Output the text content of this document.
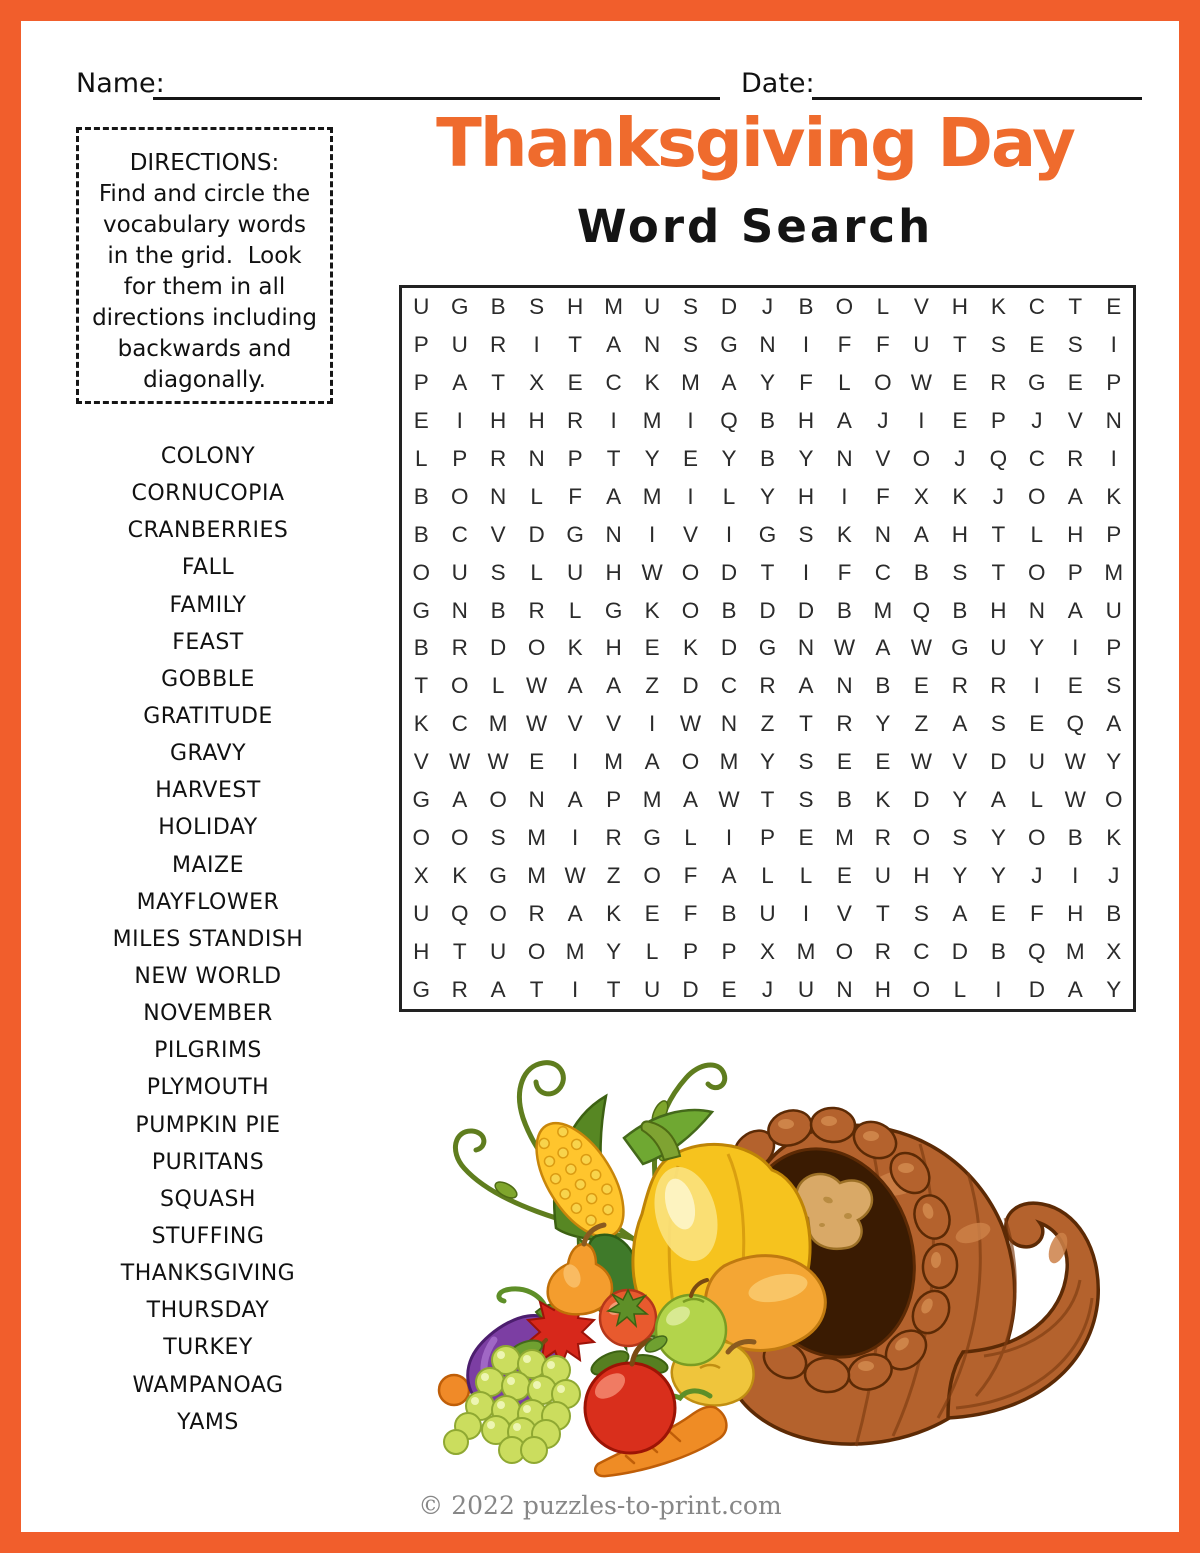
Name:	Date:
Thanksgiving Day
Word Search
DIRECTIONS:
Find and circle the
vocabulary words
in the grid.  Look
for them in all
directions including
backwards and
diagonally.
COLONY
CORNUCOPIA
CRANBERRIES
FALL
FAMILY
FEAST
GOBBLE
GRATITUDE
GRAVY
HARVEST
HOLIDAY
MAIZE
MAYFLOWER
MILES STANDISH
NEW WORLD
NOVEMBER
PILGRIMS
PLYMOUTH
PUMPKIN PIE
PURITANS
SQUASH
STUFFING
THANKSGIVING
THURSDAY
TURKEY
WAMPANOAG
YAMS
U G B	S	H M U	S	D	J	B O	L	V	H	K	C	T	E
P	U R	I	T	A	N	S G N	I	F	F	U	T	S	E	S	I
P	A	T	X	E	C	K M A	Y	F	L	O W E	R G E	P
E	I	H H R	I	M	I	Q B	H	A	J	I	E	P	J	V	N
L	P	R N	P	T	Y	E	Y	B	Y	N	V O	J	Q C R	I
B O N	L	F	A M	I	L	Y	H	I	F	X	K	J	O A	K
B	C	V	D G N	I	V	I	G S	K	N	A	H	T	L	H	P
O U	S	L	U H W O D	T	I	F	C	B	S	T	O P M
G N	B	R	L	G K O B	D D	B M Q B	H N	A	U
B	R D O K	H	E	K	D G N W A W G U	Y	I	P
T	O	L W A	A	Z	D C R	A	N	B	E	R R	I	E	S
K	C M W V	V	I	W N	Z	T	R	Y	Z	A	S	E Q A
V W W E	I	M A O M Y	S	E	E W V	D U W Y
G A O N	A	P M A W T	S	B	K	D	Y	A	L W O
O O S M	I	R G	L	I	P	E M R O S	Y O B	K
X	K G M W Z	O	F	A	L	L	E	U H	Y	Y	J	I	J
U Q O R	A	K	E	F	B	U	I	V	T	S	A	E	F	H	B
H	T	U O M Y	L	P	P	X M O R C D	B Q M X
G R	A	T	I	T	U D	E	J	U N H O	L	I	D	A	Y
© 2022 puzzles-to-print.com
